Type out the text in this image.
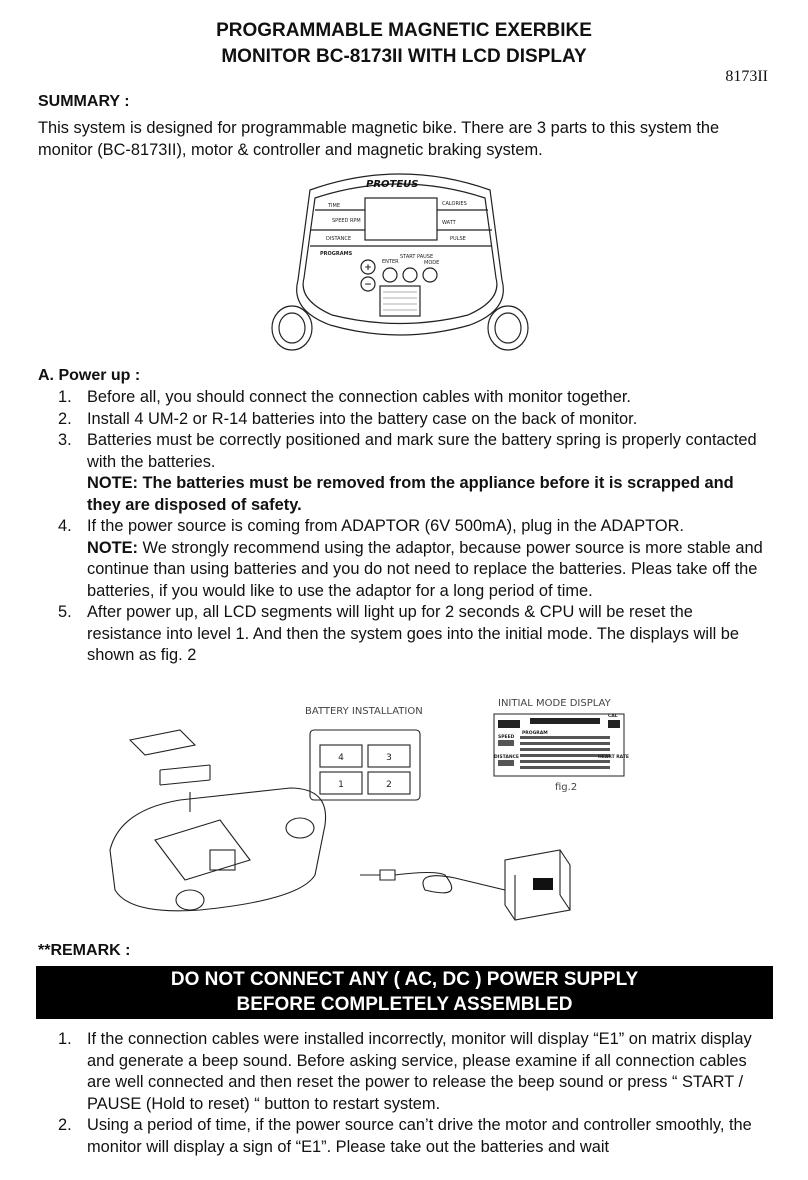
PROGRAMMABLE MAGNETIC EXERBIKE
MONITOR BC-8173II WITH LCD DISPLAY
8173II
SUMMARY :
This system is designed for programmable magnetic bike. There are 3 parts to this system the monitor (BC-8173II), motor & controller and magnetic braking system.
PROTEUS
TIME
SPEED RPM
DISTANCE
CALORIES
WATT
PULSE
PROGRAMS
ENTER
START PAUSE
MODE
+
−
A. Power up :
1. Before all, you should connect the connection cables with monitor together.
2. Install 4 UM-2 or R-14 batteries into the battery case on the back of monitor.
3. Batteries must be correctly positioned and mark sure the battery spring is properly contacted with the batteries.
NOTE: The batteries must be removed from the appliance before it is scrapped and they are disposed of safety.
4. If the power source is coming from ADAPTOR (6V 500mA), plug in the ADAPTOR.
NOTE: We strongly recommend using the adaptor, because power source is more stable and continue than using batteries and you do not need to replace the batteries. Pleas take off the batteries, if you would like to use the adaptor for a long period of time.
5. After power up, all LCD segments will light up for 2 seconds & CPU will be reset the resistance into level 1. And then the system goes into the initial mode. The displays will be shown as fig. 2
BATTERY INSTALLATION
4	3
1	2
INITIAL MODE DISPLAY
CAL
SPEED
PROGRAM
DISTANCE	HEART RATE
fig.2
**REMARK :
DO NOT CONNECT ANY ( AC, DC ) POWER SUPPLY
BEFORE COMPLETELY ASSEMBLED
1. If the connection cables were installed incorrectly, monitor will display “E1” on matrix display and generate a beep sound. Before asking service, please examine if all connection cables are well connected and then reset the power to release the beep sound or press “ START / PAUSE (Hold to reset) “ button to restart system.
2. Using a period of time, if the power source can’t drive the motor and controller smoothly, the monitor will display a sign of “E1”. Please take out the batteries and wait
